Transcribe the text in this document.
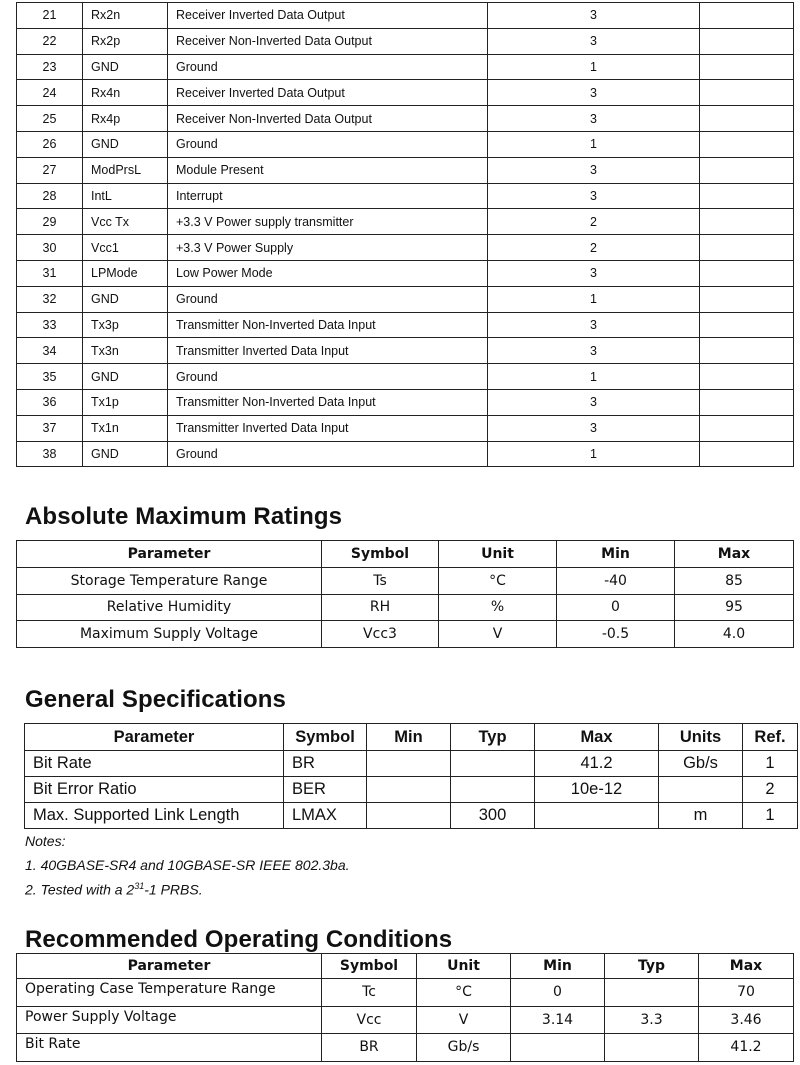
21	Rx2n	Receiver Inverted Data Output	3	
22	Rx2p	Receiver Non-Inverted Data Output	3	
23	GND	Ground	1	
24	Rx4n	Receiver Inverted Data Output	3	
25	Rx4p	Receiver Non-Inverted Data Output	3	
26	GND	Ground	1	
27	ModPrsL	Module Present	3	
28	IntL	Interrupt	3	
29	Vcc Tx	+3.3 V Power supply transmitter	2	
30	Vcc1	+3.3 V Power Supply	2	
31	LPMode	Low Power Mode	3	
32	GND	Ground	1	
33	Tx3p	Transmitter Non-Inverted Data Input	3	
34	Tx3n	Transmitter Inverted Data Input	3	
35	GND	Ground	1	
36	Tx1p	Transmitter Non-Inverted Data Input	3	
37	Tx1n	Transmitter Inverted Data Input	3	
38	GND	Ground	1	
Absolute Maximum Ratings
Parameter	Symbol	Unit	Min	Max
Storage Temperature Range	Ts	°C	-40	85
Relative Humidity	RH	%	0	95
Maximum Supply Voltage	Vcc3	V	-0.5	4.0
General Specifications
Parameter	Symbol	Min	Typ	Max	Units	Ref.
Bit Rate	BR			41.2	Gb/s	1
Bit Error Ratio	BER			10e-12		2
Max. Supported Link Length	LMAX		300		m	1

Notes:

1. 40GBASE-SR4 and 10GBASE-SR IEEE 802.3ba.

2. Tested with a $2^{31}-1$ PRBS.

Recommended Operating Conditions
Parameter	Symbol	Unit	Min	Typ	Max
Operating Case Temperature Range	Tc	°C	0		70
Power Supply Voltage	Vcc	V	3.14	3.3	3.46
Bit Rate	BR	Gb/s			41.2
